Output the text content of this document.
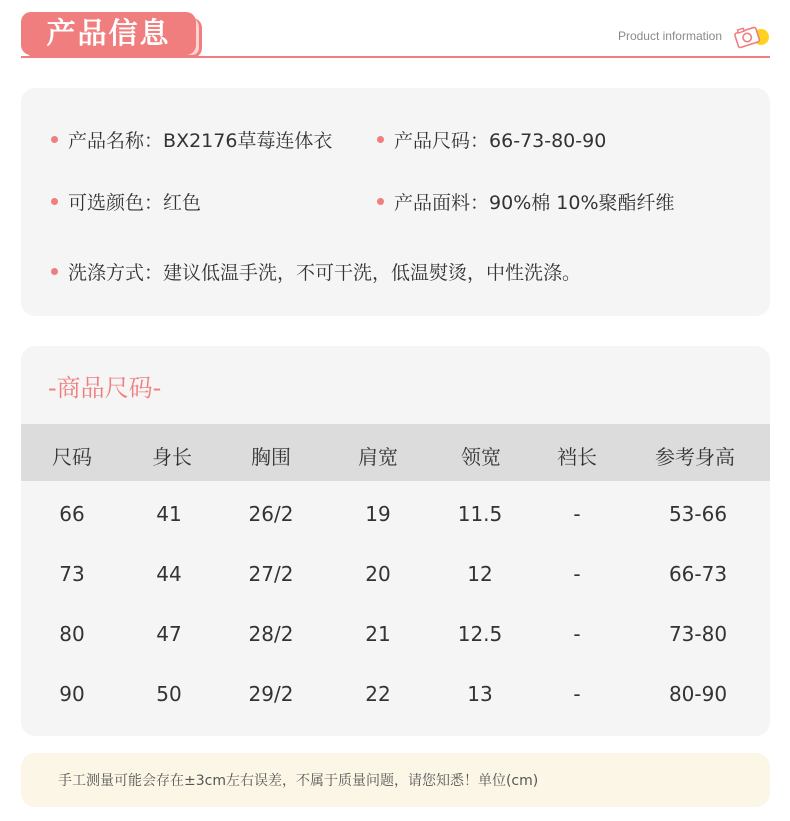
产品信息	Product information
产品名称：BX2176草莓连体衣	产品尺码：66-73-80-90
可选颜色：红色	产品面料：90%棉 10%聚酯纤维
洗涤方式：建议低温手洗，不可干洗，低温熨烫，中性洗涤。
-商品尺码-
尺码	身长	胸围	肩宽	领宽	裆长	参考身高
66	41	26/2	19	11.5	-	53-66
73	44	27/2	20	12	-	66-73
80	47	28/2	21	12.5	-	73-80
90	50	29/2	22	13	-	80-90
手工测量可能会存在±3cm左右误差，不属于质量问题，请您知悉！单位(cm)
